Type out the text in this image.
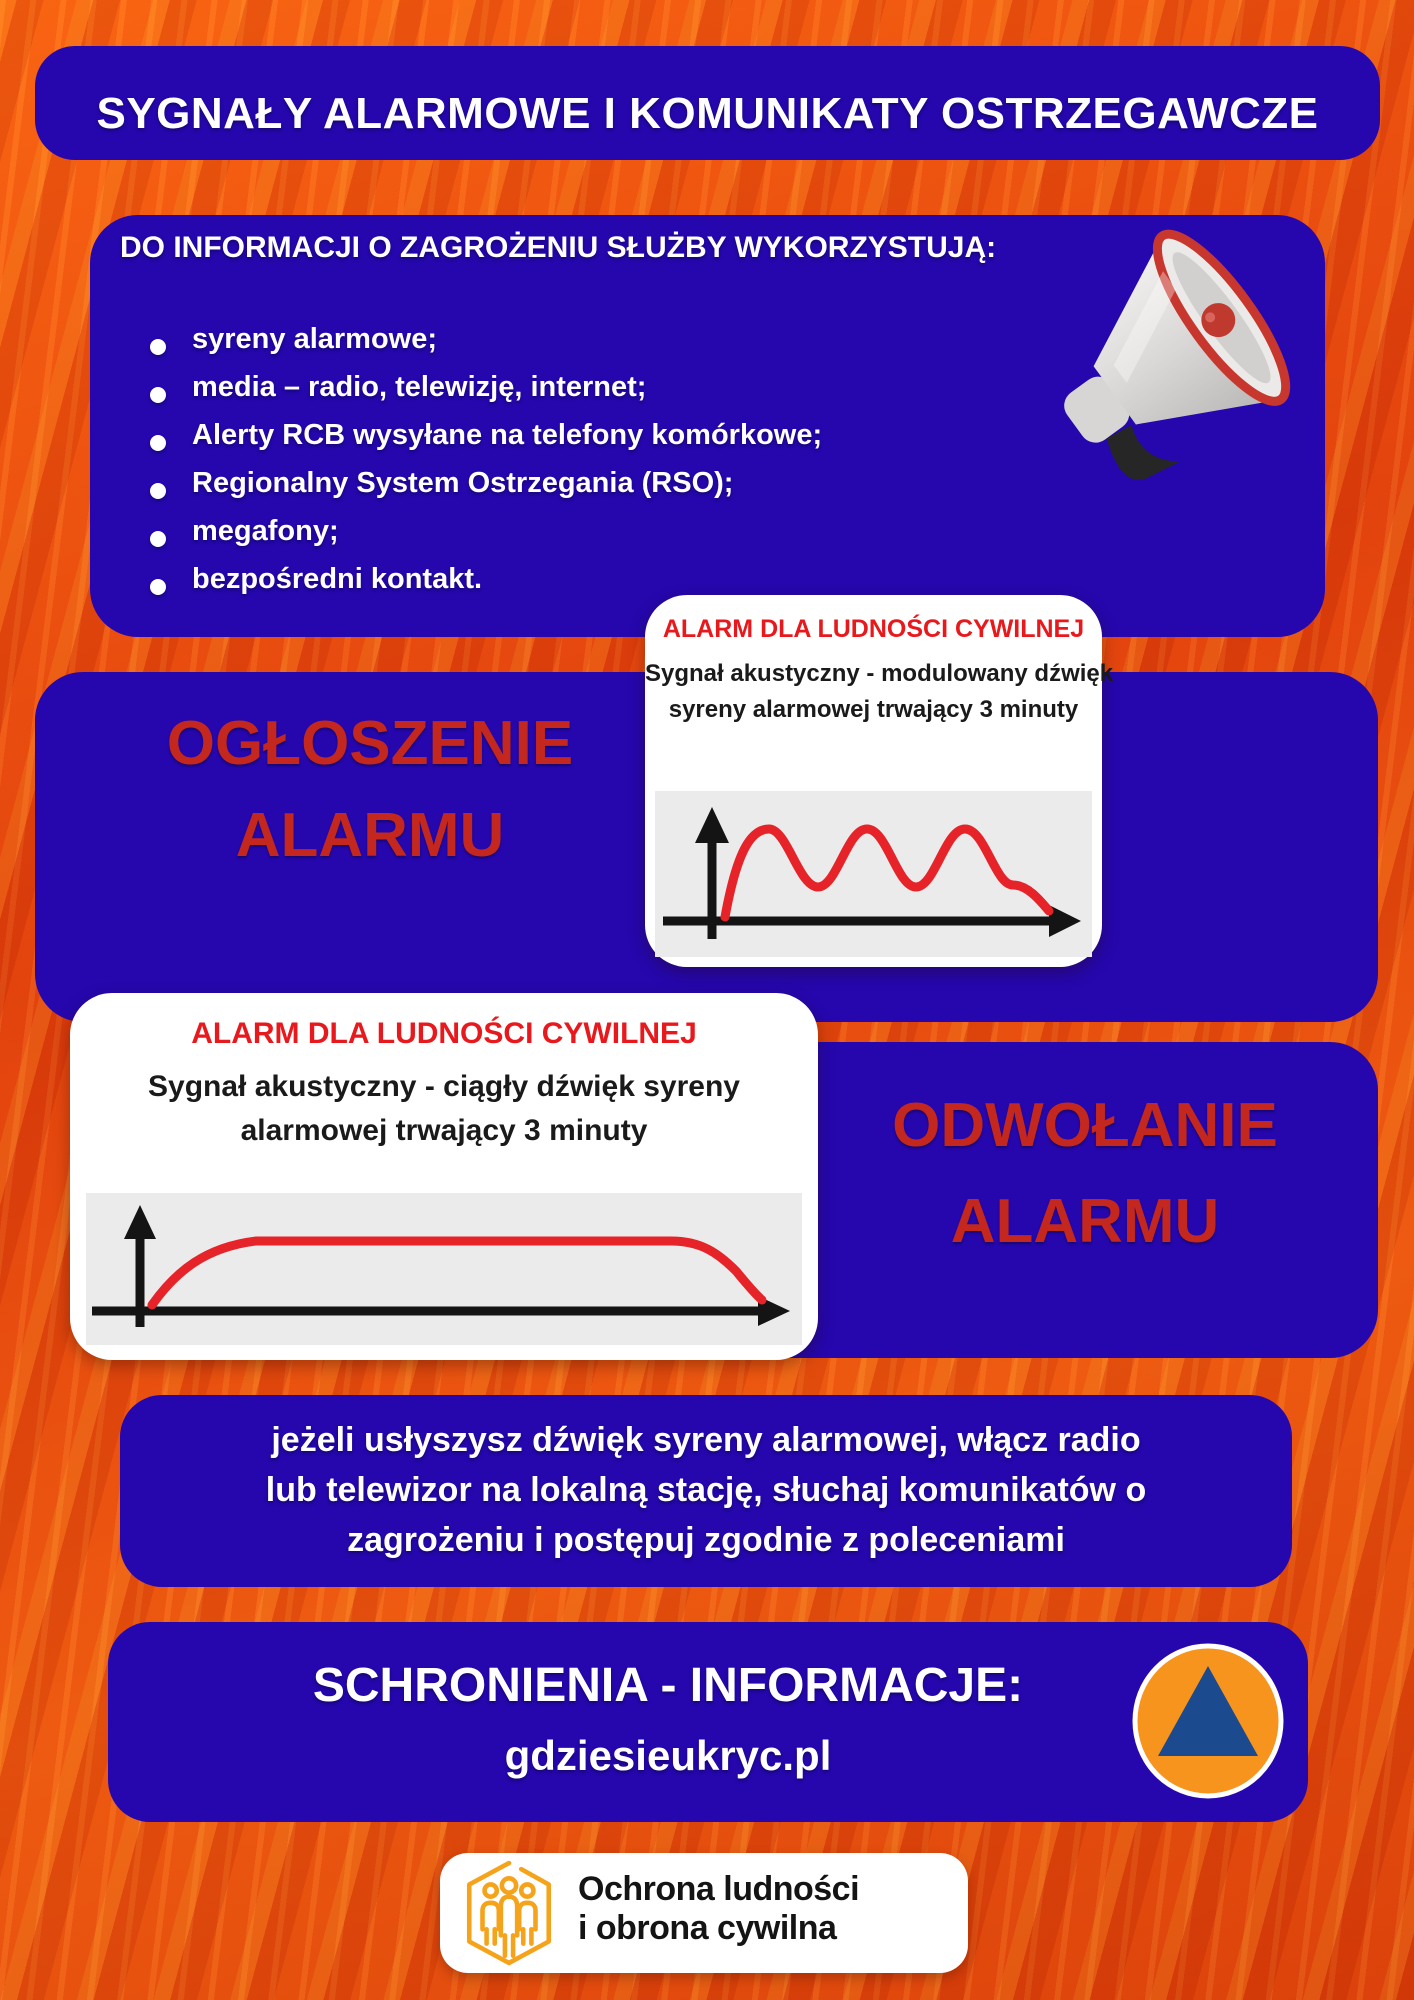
SYGNAŁY ALARMOWE I KOMUNIKATY OSTRZEGAWCZE
DO INFORMACJI O ZAGROŻENIU SŁUŻBY WYKORZYSTUJĄ:
syreny alarmowe;
media – radio, telewizję, internet;
Alerty RCB wysyłane na telefony komórkowe;
Regionalny System Ostrzegania (RSO);
megafony;
bezpośredni kontakt.
OGŁOSZENIE
ALARMU
ALARM DLA LUDNOŚCI CYWILNEJ
Sygnał akustyczny - modulowany dźwięk
syreny alarmowej trwający 3 minuty
ODWOŁANIE
ALARMU
ALARM DLA LUDNOŚCI CYWILNEJ
Sygnał akustyczny - ciągły dźwięk syreny
alarmowej trwający 3 minuty
jeżeli usłyszysz dźwięk syreny alarmowej, włącz radio
lub telewizor na lokalną stację, słuchaj komunikatów o
zagrożeniu i postępuj zgodnie z poleceniami
SCHRONIENIA - INFORMACJE:
gdziesieukryc.pl
Ochrona ludności
i obrona cywilna
